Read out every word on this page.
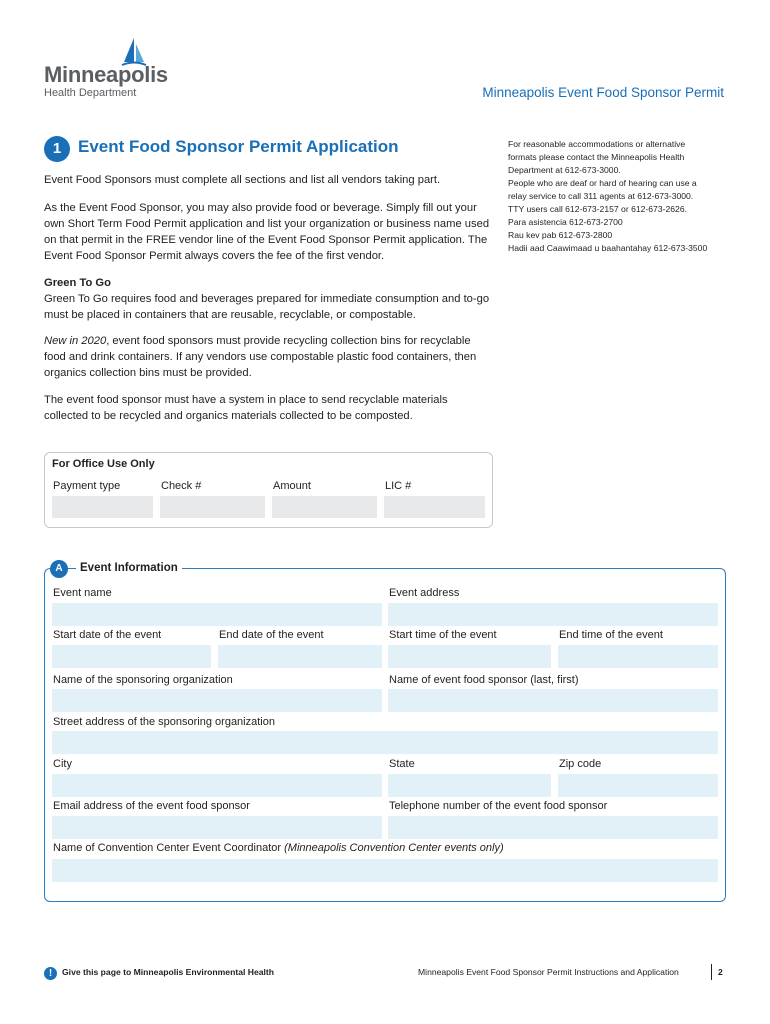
Minneapolis
Health Department	Minneapolis Event Food Sponsor Permit
1 Event Food Sponsor Permit Application

Event Food Sponsors must complete all sections and list all vendors taking part.

As the Event Food Sponsor, you may also provide food or beverage. Simply fill out your own Short Term Food Permit application and list your organization or business name used on that permit in the FREE vendor line of the Event Food Sponsor Permit application. The Event Food Sponsor Permit always covers the fee of the first vendor.

Green To Go

Green To Go requires food and beverages prepared for immediate consumption and to-go must be placed in containers that are reusable, recyclable, or compostable.

New in 2020, event food sponsors must provide recycling collection bins for recyclable food and drink containers. If any vendors use compostable plastic food containers, then organics collection bins must be provided.

The event food sponsor must have a system in place to send recyclable materials collected to be recycled and organics materials collected to be composted.

For reasonable accommodations or alternative
formats please contact the Minneapolis Health
Department at 612-673-3000.
People who are deaf or hard of hearing can use a
relay service to call 311 agents at 612-673-3000.
TTY users call 612-673-2157 or 612-673-2626.
Para asistencia 612-673-2700
Rau kev pab 612-673-2800
Hadii aad Caawimaad u baahantahay 612-673-3500
For Office Use Only
Payment type	Check #	Amount	LIC #
A	Event Information
Event name	Event address
Start date of the event	End date of the event	Start time of the event	End time of the event
Name of the sponsoring organization	Name of event food sponsor (last, first)
Street address of the sponsoring organization
City	State	Zip code
Email address of the event food sponsor	Telephone number of the event food sponsor
Name of Convention Center Event Coordinator (Minneapolis Convention Center events only)
!	Give this page to Minneapolis Environmental Health	Minneapolis Event Food Sponsor Permit Instructions and Application	2
